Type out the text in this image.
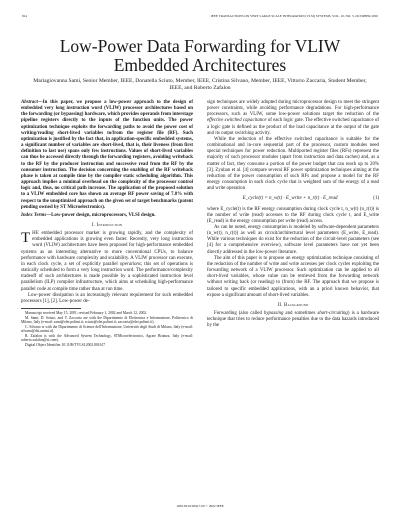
814	IEEE TRANSACTIONS ON VERY LARGE SCALE INTEGRATION (VLSI) SYSTEMS, VOL. 10, NO. 5, OCTOBER 2002
Low-Power Data Forwarding for VLIW Embedded Architectures
Mariagiovanna Sami, Senior Member, IEEE, Donatella Sciuto, Member, IEEE, Cristina Silvano, Member, IEEE, Vittorio Zaccaria, Student Member, IEEE, and Roberto Zafalon

Abstract—In this paper, we propose a low-power approach to the design of embedded very long instruction word (VLIW) processor architectures based on the forwarding (or bypassing) hardware, which provides operands from interstage pipeline registers directly to the inputs of the function units. The power optimization technique exploits the forwarding paths to avoid the power cost of writing/reading short-lived variables to/from the register file (RF). Such optimization is justified by the fact that, in application-specific embedded systems, a significant number of variables are short-lived, that is, their liveness (from first definition to last use) spans only few instructions. Values of short-lived variables can thus be accessed directly through the forwarding registers, avoiding writeback to the RF by the producer instruction and successive read from the RF by the consumer instruction. The decision concerning the enabling of the RF writeback phase is taken at compile time by the compiler static scheduling algorithm. This approach implies a minimal overhead on the complexity of the processor control logic and, thus, no critical path increase. The application of the proposed solution to a VLIW embedded core has shown an average RF power saving of 7.8% with respect to the unoptimized approach on the given set of target benchmarks (patent pending owned by ST Microelectronics).

Index Terms—Low-power design, microprocessors, VLSI design.

I. Introduction

THE embedded processor market is growing rapidly, and the complexity of embedded applications is growing even faster. Recently, very long instruction word (VLIW) architectures have been proposed for high-performance embedded systems as an interesting alternative to more conventional CPUs, to balance performance with hardware complexity and scalability. A VLIW processor can execute, in each clock cycle, a set of explicitly parallel operations; this set of operations is statically scheduled to form a very long instruction word. The performance/complexity tradeoff of such architectures is made possible by a sophisticated instruction level parallelism (ILP) compiler infrastructure, which aims at scheduling high-performance parallel code at compile time rather than at run time.

Low-power dissipation is an increasingly relevant requirement for such embedded processors [1], [2]. Low-power de-

Manuscript received May 15, 2001; revised February 1, 2002 and March 12, 2002.

M. Sami, D. Sciuto, and V. Zaccaria are with the Dipartimento di Elettronica e Informazione, Politecnico di Milano, Italy (e-mail: sami@elet.polimi.it; sciuto@elet.polimi.it; zaccaria@elet.polimi.it).

C. Silvano is with the Dipartimento di Scienze dell'Informazione, Università degli Studi di Milano, Italy (e-mail: silvano@dsi.unimi.it).

R. Zafalon is with the Advanced System Technology, STMicroelectronics, Agrate Brianza, Italy (e-mail: roberto.zafalon@st.com).

Digital Object Identifier 10.1109/TVLSI.2002.801617

sign techniques are widely adopted during microprocessor design to meet the stringent power constraints, while avoiding performance degradations. For high-performance processors, such as VLIW, some low-power solutions target the reduction of the effective switched capacitance of each logic gate. The effective switched capacitance of a logic gate is defined as the product of the load capacitance at the output of the gate and its output switching activity.

While the reduction of the effective switched capacitance is suitable for the combinational and in-core sequential part of the processor, custom modules need special techniques for power reduction. Multiported register files (RFs) represent the majority of such processor modules (apart from instruction and data caches) and, as a matter of fact, they consume a portion of the power budget that can reach up to 20% [3]. Zyuban et al. [4] compare several RF power optimization techniques aiming at the reduction of the power consumption of such RFs and propose a model for the RF energy consumption in each clock cycle that is weighted sum of the energy of a read and write operation

E_cycle(t) = n_w(t) · E_write + n_r(t) · E_read	(1)

where E_cycle(t) is the RF energy consumption during clock cycle t, n_w(t) (n_r(t)) is the number of write (read) accesses to the RF during clock cycle t, and E_write (E_read) is the energy consumption per write (read) access.

As can be noted, energy consumption is modeled by software-dependent parameters (n_w(t), n_r(t)) as well as circuit/architectural level parameters (E_write, E_read). While various techniques do exist for the reduction of the circuit-level parameters (see [4] for a comprehensive overview), software level parameters have not yet been directly addressed in the low-power literature.

The aim of this paper is to propose an energy optimization technique consisting of the reduction of the number of write and write accesses per clock cycles exploiting the forwarding network of a VLIW processor. Such optimization can be applied to all short-lived variables, whose value can be retrieved from the forwarding network without writing back (or reading) to (from) the RF. The approach that we propose is tailored to specific embedded applications, with an a priori known behavior, that expose a significant amount of short-lived variables.

II. Background

Forwarding (also called bypassing and sometimes short-circuiting) is a hardware technique that tries to reduce performance penalties due to the data hazards introduced by the

1063-8210/02$17.00 © 2002 IEEE
